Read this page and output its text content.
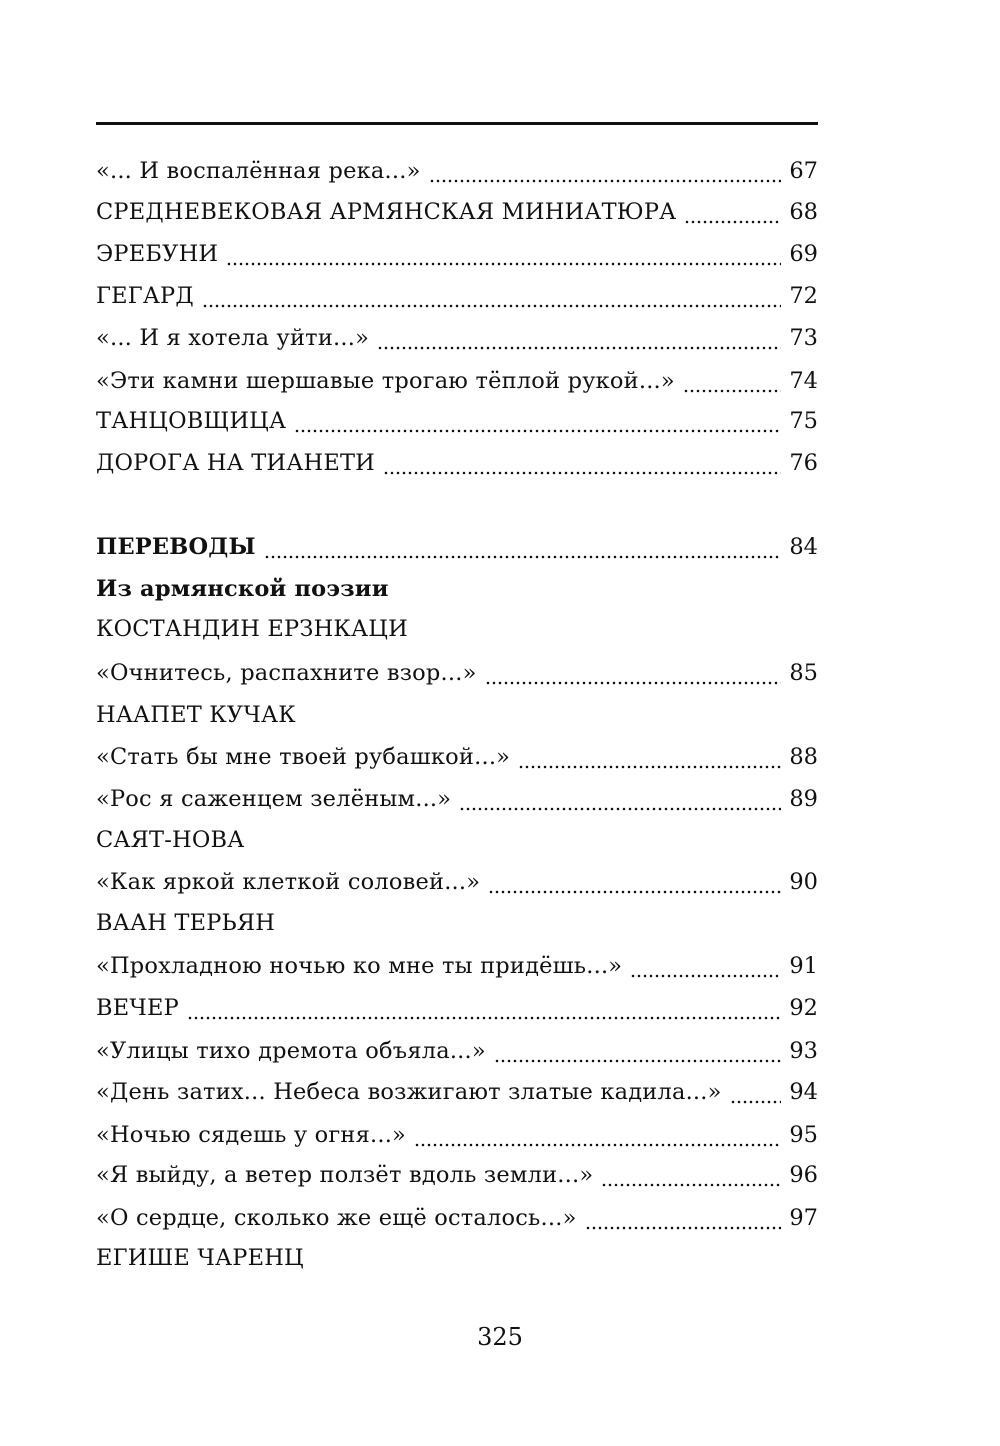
«... И воспалённая река...»	67
СРЕДНЕВЕКОВАЯ АРМЯНСКАЯ МИНИАТЮРА	68
ЭРЕБУНИ	69
ГЕГАРД	72
«... И я хотела уйти...»	73
«Эти камни шершавые трогаю тёплой рукой...»	74
ТАНЦОВЩИЦА	75
ДОРОГА НА ТИАНЕТИ	76
ПЕРЕВОДЫ	84
Из армянской поэзии
КОСТАНДИН ЕРЗНКАЦИ
«Очнитесь, распахните взор...»	85
НААПЕТ КУЧАК
«Стать бы мне твоей рубашкой...»	88
«Рос я саженцем зелёным...»	89
САЯТ-НОВА
«Как яркой клеткой соловей...»	90
ВААН ТЕРЬЯН
«Прохладною ночью ко мне ты придёшь...»	91
ВЕЧЕР	92
«Улицы тихо дремота объяла...»	93
«День затих... Небеса возжигают златые кадила...»	94
«Ночью сядешь у огня...»	95
«Я выйду, а ветер ползёт вдоль земли...»	96
«О сердце, сколько же ещё осталось...»	97
ЕГИШЕ ЧАРЕНЦ
325
